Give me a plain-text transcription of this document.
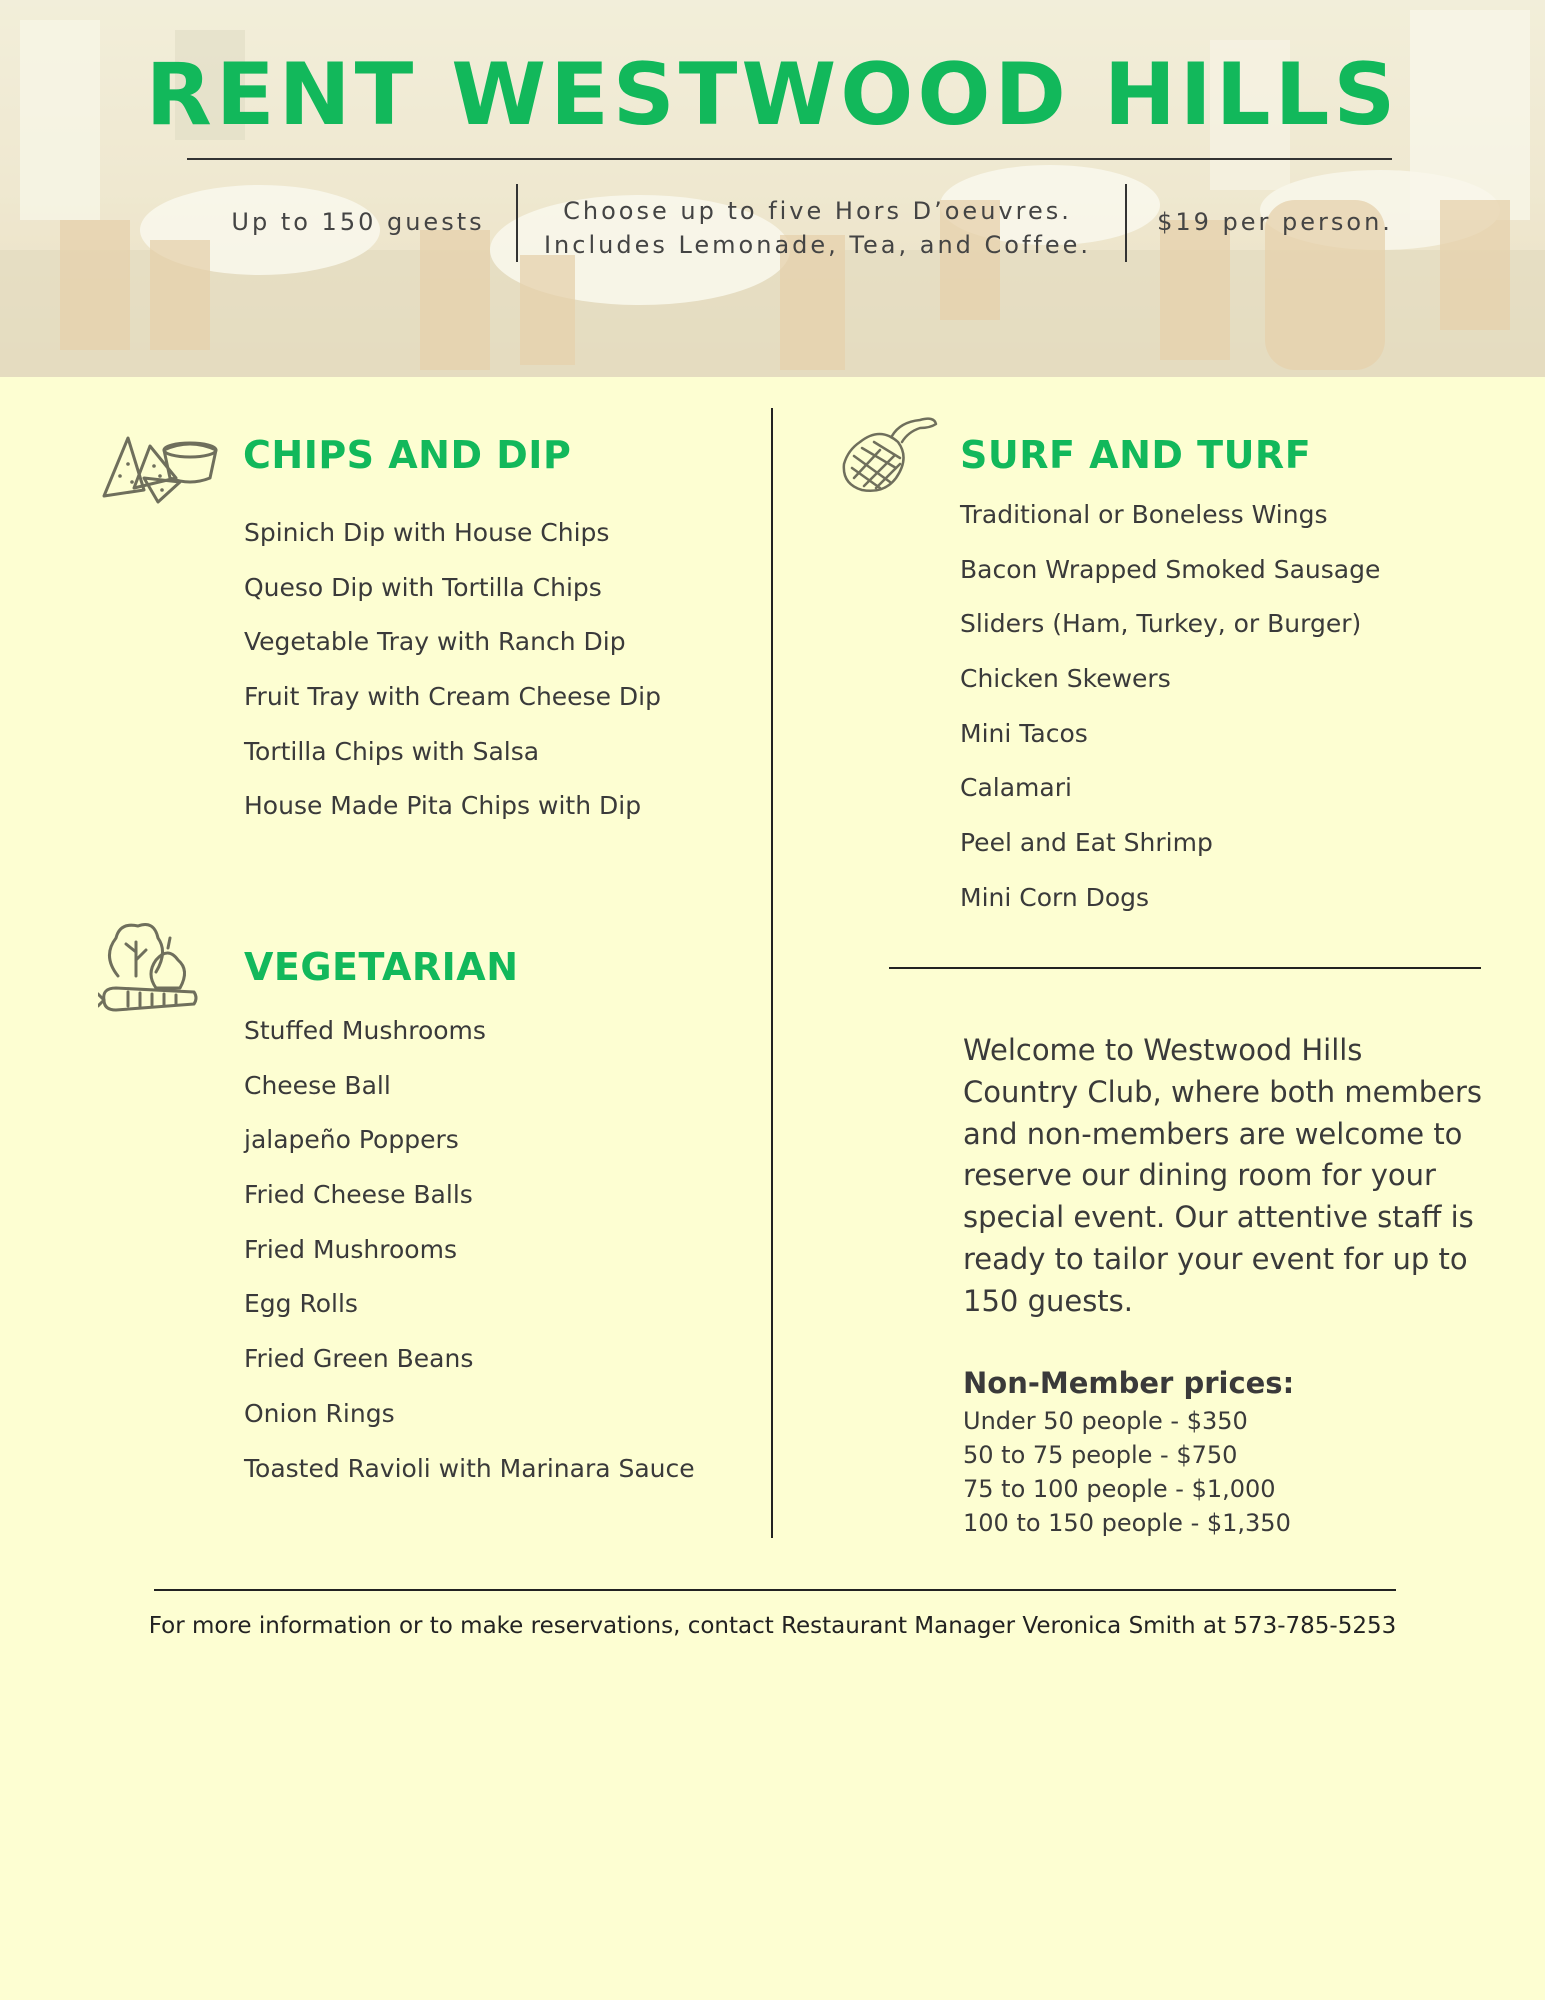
RENT WESTWOOD HILLS
Up to 150 guests	Choose up to five Hors D’oeuvres.
Includes Lemonade, Tea, and Coffee.
$19 per person.
CHIPS AND DIP
Spinich Dip with House Chips
Queso Dip with Tortilla Chips
Vegetable Tray with Ranch Dip
Fruit Tray with Cream Cheese Dip
Tortilla Chips with Salsa
House Made Pita Chips with Dip
VEGETARIAN
Stuffed Mushrooms
Cheese Ball
jalapeño Poppers
Fried Cheese Balls
Fried Mushrooms
Egg Rolls
Fried Green Beans
Onion Rings
Toasted Ravioli with Marinara Sauce
SURF AND TURF
Traditional or Boneless Wings
Bacon Wrapped Smoked Sausage
Sliders (Ham, Turkey, or Burger)
Chicken Skewers
Mini Tacos
Calamari
Peel and Eat Shrimp
Mini Corn Dogs
Welcome to Westwood Hills Country Club, where both members and non-members are welcome to reserve our dining room for your special event. Our attentive staff is ready to tailor your event for up to 150 guests.
Non-Member prices:
Under 50 people - $350
50 to 75 people - $750
75 to 100 people - $1,000
100 to 150 people - $1,350
For more information or to make reservations, contact Restaurant Manager Veronica Smith at 573-785-5253
